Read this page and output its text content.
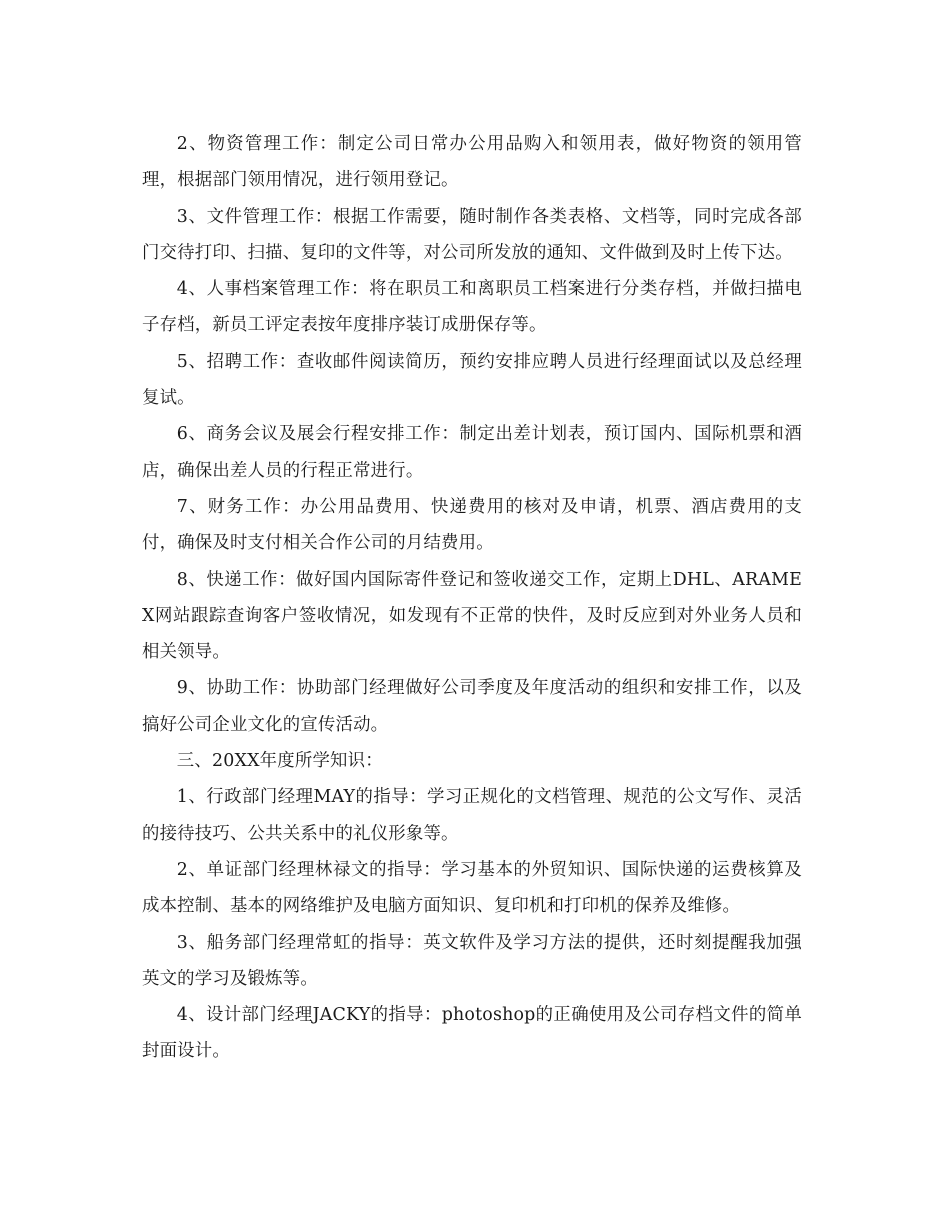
2、物资管理工作：制定公司日常办公用品购入和领用表，做好物资的领用管理，根据部门领用情况，进行领用登记。

3、文件管理工作：根据工作需要，随时制作各类表格、文档等，同时完成各部门交待打印、扫描、复印的文件等，对公司所发放的通知、文件做到及时上传下达。

4、人事档案管理工作：将在职员工和离职员工档案进行分类存档，并做扫描电子存档，新员工评定表按年度排序装订成册保存等。

5、招聘工作：查收邮件阅读简历，预约安排应聘人员进行经理面试以及总经理复试。

6、商务会议及展会行程安排工作：制定出差计划表，预订国内、国际机票和酒店，确保出差人员的行程正常进行。

7、财务工作：办公用品费用、快递费用的核对及申请，机票、酒店费用的支付，确保及时支付相关合作公司的月结费用。

8、快递工作：做好国内国际寄件登记和签收递交工作，定期上DHL、ARAMEX网站跟踪查询客户签收情况，如发现有不正常的快件，及时反应到对外业务人员和相关领导。

9、协助工作：协助部门经理做好公司季度及年度活动的组织和安排工作，以及搞好公司企业文化的宣传活动。

三、20XX年度所学知识：

1、行政部门经理MAY的指导：学习正规化的文档管理、规范的公文写作、灵活的接待技巧、公共关系中的礼仪形象等。

2、单证部门经理林禄文的指导：学习基本的外贸知识、国际快递的运费核算及成本控制、基本的网络维护及电脑方面知识、复印机和打印机的保养及维修。

3、船务部门经理常虹的指导：英文软件及学习方法的提供，还时刻提醒我加强英文的学习及锻炼等。

4、设计部门经理JACKY的指导：photoshop的正确使用及公司存档文件的简单封面设计。
